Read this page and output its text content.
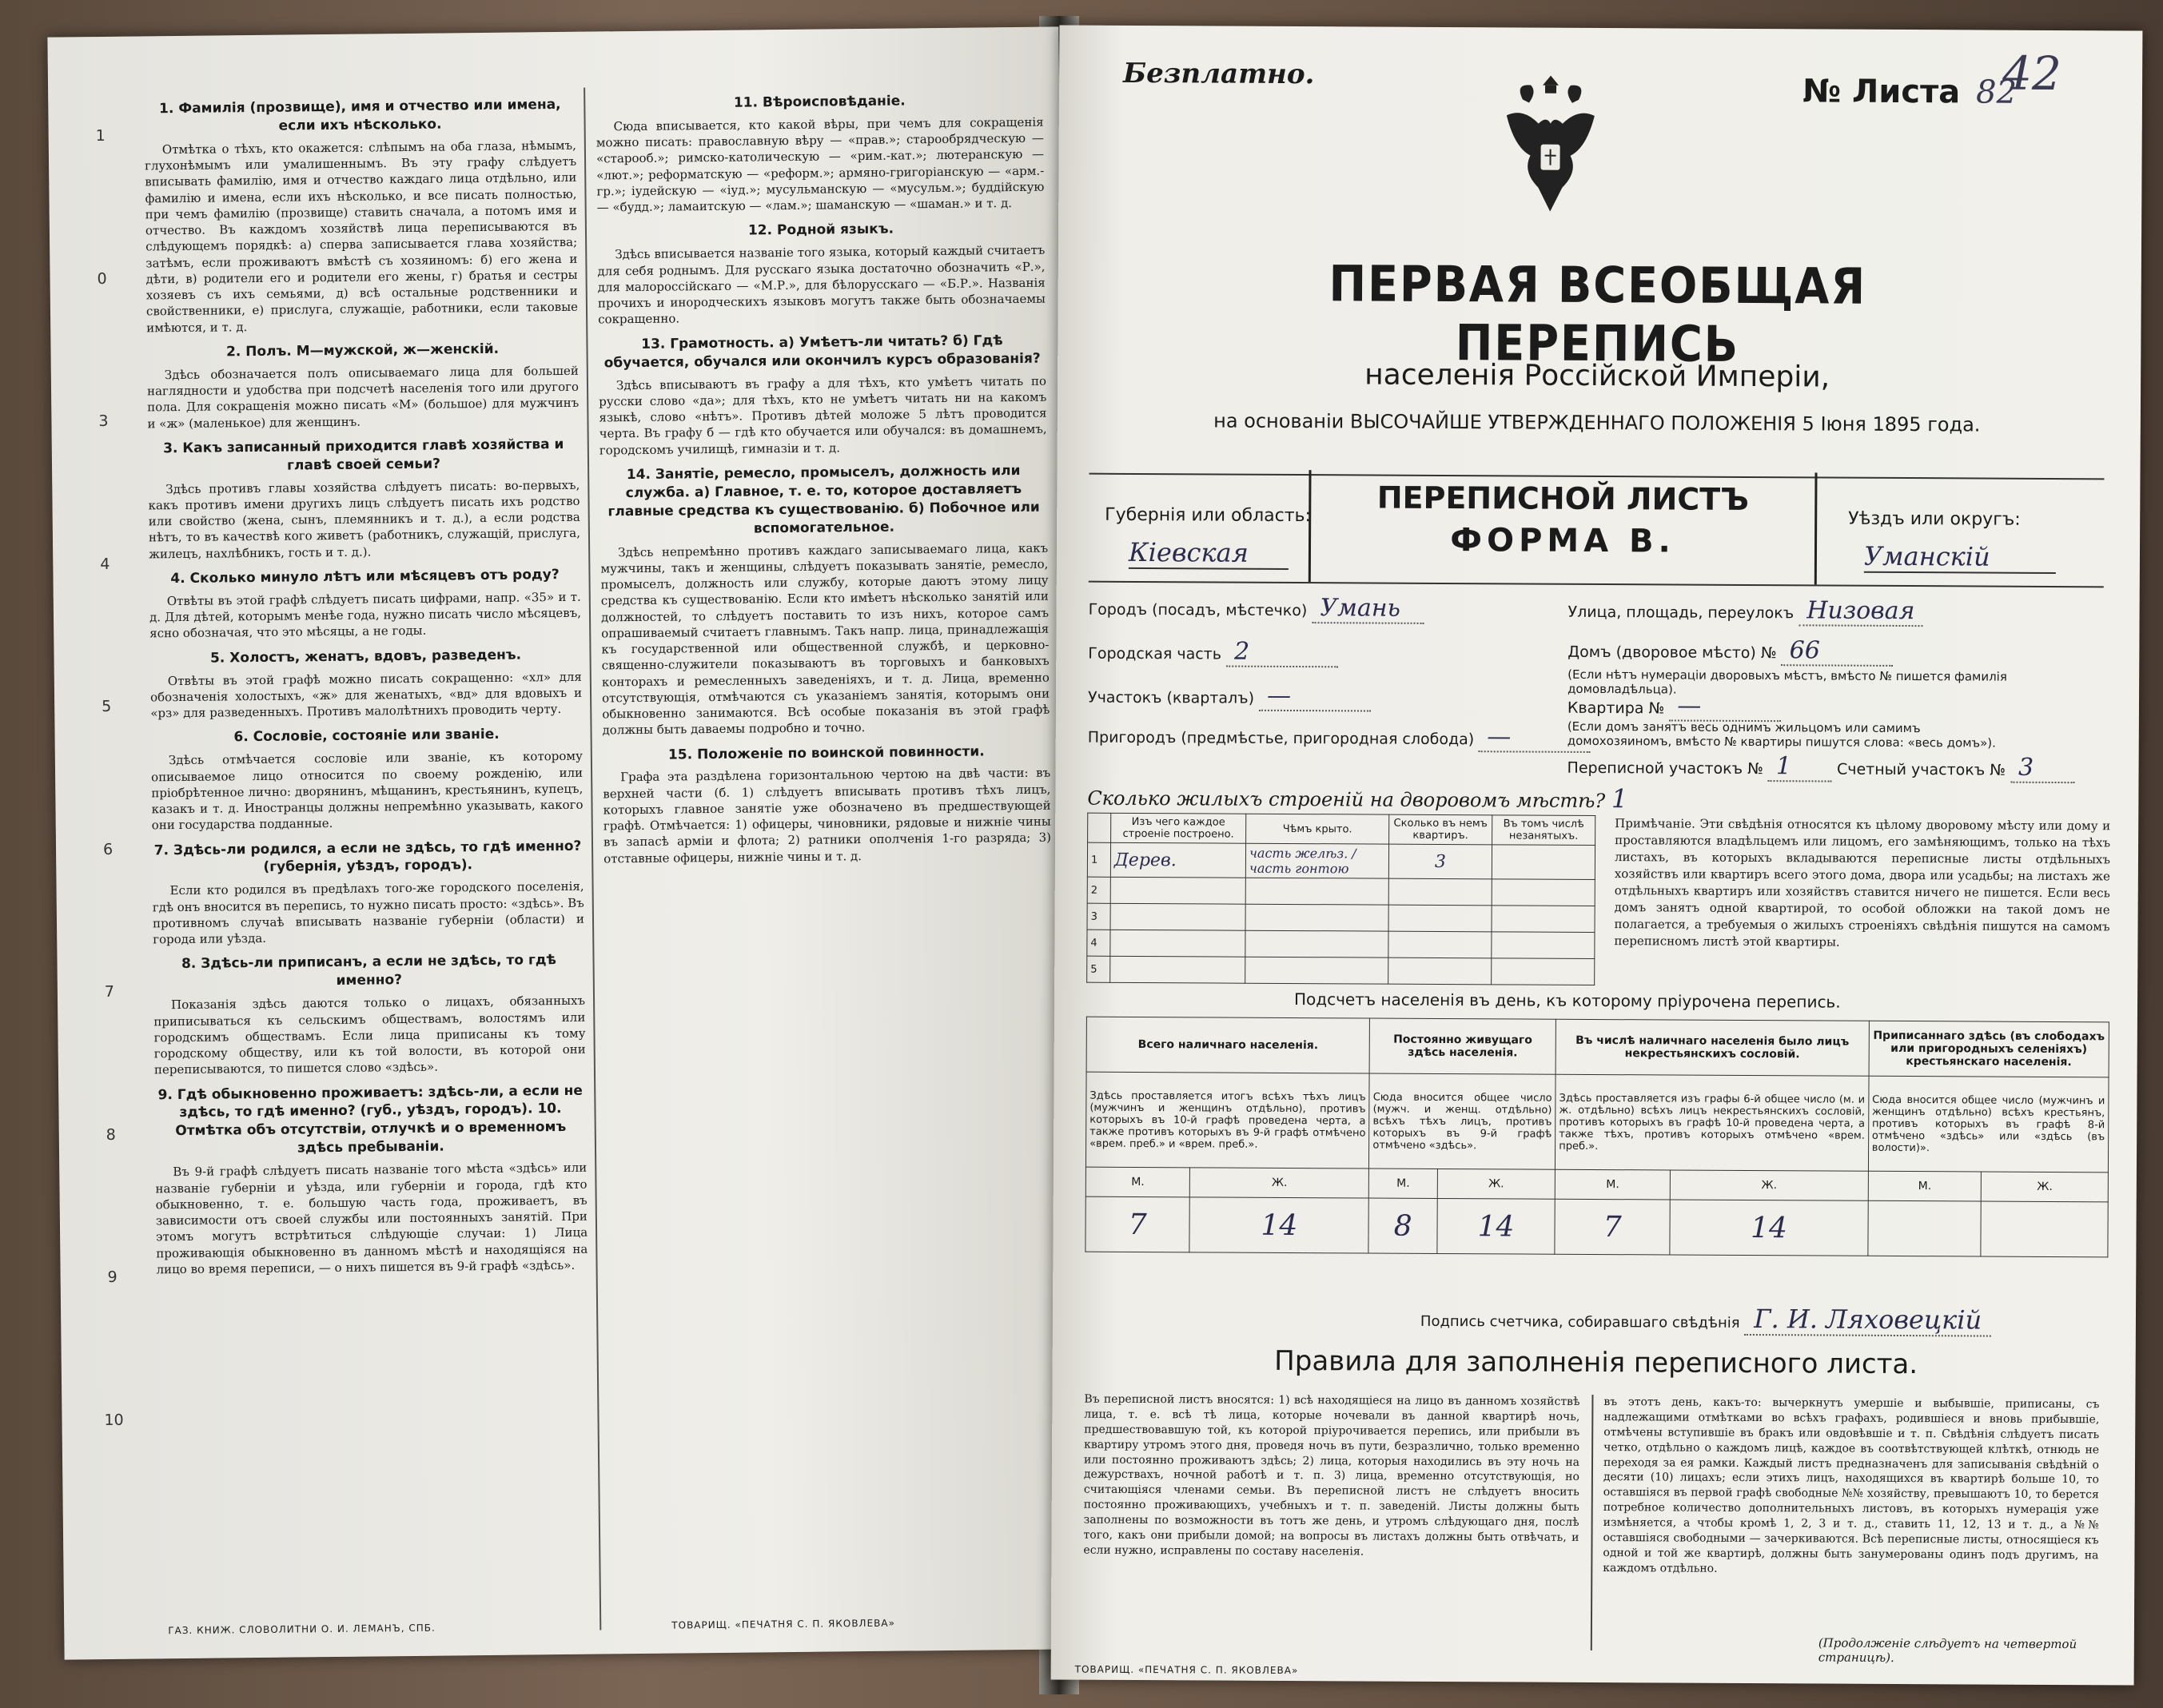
1
0
3
4
5
6
7
8
9
10
1. Фамилія (прозвище), имя и отчество или имена, если ихъ нѣсколько.

Отмѣтка о тѣхъ, кто окажется: слѣпымъ на оба глаза, нѣмымъ, глухонѣмымъ или умалишеннымъ. Въ эту графу слѣдуетъ вписывать фамилію, имя и отчество каждаго лица отдѣльно, или фамилію и имена, если ихъ нѣсколько, и все писать полностью, при чемъ фамилію (прозвище) ставить сначала, а потомъ имя и отчество. Въ каждомъ хозяйствѣ лица переписываются въ слѣдующемъ порядкѣ: а) сперва записывается глава хозяйства; затѣмъ, если проживаютъ вмѣстѣ съ хозяиномъ: б) его жена и дѣти, в) родители его и родители его жены, г) братья и сестры хозяевъ съ ихъ семьями, д) всѣ остальные родственники и свойственники, е) прислуга, служащіе, работники, если таковые имѣются, и т. д.

2. Полъ. М—мужской, ж—женскій.

Здѣсь обозначается полъ описываемаго лица для большей наглядности и удобства при подсчетѣ населенія того или другого пола. Для сокращенія можно писать «М» (большое) для мужчинъ и «ж» (маленькое) для женщинъ.

3. Какъ записанный приходится главѣ хозяйства и главѣ своей семьи?

Здѣсь противъ главы хозяйства слѣдуетъ писать: во-первыхъ, какъ противъ имени другихъ лицъ слѣдуетъ писать ихъ родство или свойство (жена, сынъ, племянникъ и т. д.), а если родства нѣтъ, то въ качествѣ кого живетъ (работникъ, служащій, прислуга, жилецъ, нахлѣбникъ, гость и т. д.).

4. Сколько минуло лѣтъ или мѣсяцевъ отъ роду?

Отвѣты въ этой графѣ слѣдуетъ писать цифрами, напр. «35» и т. д. Для дѣтей, которымъ менѣе года, нужно писать число мѣсяцевъ, ясно обозначая, что это мѣсяцы, а не годы.

5. Холостъ, женатъ, вдовъ, разведенъ.

Отвѣты въ этой графѣ можно писать сокращенно: «хл» для обозначенія холостыхъ, «ж» для женатыхъ, «вд» для вдовыхъ и «рз» для разведенныхъ. Противъ малолѣтнихъ проводить черту.

6. Сословіе, состояніе или званіе.

Здѣсь отмѣчается сословіе или званіе, къ которому описываемое лицо относится по своему рожденію, или пріобрѣтенное лично: дворянинъ, мѣщанинъ, крестьянинъ, купецъ, казакъ и т. д. Иностранцы должны непремѣнно указывать, какого они государства подданные.

7. Здѣсь-ли родился, а если не здѣсь, то гдѣ именно? (губернія, уѣздъ, городъ).

Если кто родился въ предѣлахъ того-же городского поселенія, гдѣ онъ вносится въ перепись, то нужно писать просто: «здѣсь». Въ противномъ случаѣ вписывать названіе губерніи (области) и города или уѣзда.

8. Здѣсь-ли приписанъ, а если не здѣсь, то гдѣ именно?

Показанія здѣсь даются только о лицахъ, обязанныхъ приписываться къ сельскимъ обществамъ, волостямъ или городскимъ обществамъ. Если лица приписаны къ тому городскому обществу, или къ той волости, въ которой они переписываются, то пишется слово «здѣсь».

9. Гдѣ обыкновенно проживаетъ: здѣсь-ли, а если не здѣсь, то гдѣ именно? (губ., уѣздъ, городъ). 10. Отмѣтка объ отсутствіи, отлучкѣ и о временномъ здѣсь пребываніи.

Въ 9-й графѣ слѣдуетъ писать названіе того мѣста «здѣсь» или названіе губерніи и уѣзда, или губерніи и города, гдѣ кто обыкновенно, т. е. большую часть года, проживаетъ, въ зависимости отъ своей службы или постоянныхъ занятій. При этомъ могутъ встрѣтиться слѣдующіе случаи: 1) Лица проживающія обыкновенно въ данномъ мѣстѣ и находящіяся на лицо во время переписи, — о нихъ пишется въ 9-й графѣ «здѣсь».

11. Вѣроисповѣданіе.

Сюда вписывается, кто какой вѣры, при чемъ для сокращенія можно писать: православную вѣру — «прав.»; старообрядческую — «старооб.»; римско-католическую — «рим.-кат.»; лютеранскую — «лют.»; реформатскую — «реформ.»; армяно-григоріанскую — «арм.-гр.»; іудейскую — «іуд.»; мусульманскую — «мусульм.»; буддійскую — «будд.»; ламаитскую — «лам.»; шаманскую — «шаман.» и т. д.

12. Родной языкъ.

Здѣсь вписывается названіе того языка, который каждый считаетъ для себя роднымъ. Для русскаго языка достаточно обозначить «Р.», для малороссійскаго — «М.Р.», для бѣлорусскаго — «Б.Р.». Названія прочихъ и инородческихъ языковъ могутъ также быть обозначаемы сокращенно.

13. Грамотность. а) Умѣетъ-ли читать? б) Гдѣ обучается, обучался или окончилъ курсъ образованія?

Здѣсь вписываютъ въ графу а для тѣхъ, кто умѣетъ читать по русски слово «да»; для тѣхъ, кто не умѣетъ читать ни на какомъ языкѣ, слово «нѣтъ». Противъ дѣтей моложе 5 лѣтъ проводится черта. Въ графу б — гдѣ кто обучается или обучался: въ домашнемъ, городскомъ училищѣ, гимназіи и т. д.

14. Занятіе, ремесло, промыселъ, должность или служба. а) Главное, т. е. то, которое доставляетъ главные средства къ существованію. б) Побочное или вспомогательное.

Здѣсь непремѣнно противъ каждаго записываемаго лица, какъ мужчины, такъ и женщины, слѣдуетъ показывать занятіе, ремесло, промыселъ, должность или службу, которые даютъ этому лицу средства къ существованію. Если кто имѣетъ нѣсколько занятій или должностей, то слѣдуетъ поставить то изъ нихъ, которое самъ опрашиваемый считаетъ главнымъ. Такъ напр. лица, принадлежащія къ государственной или общественной службѣ, и церковно-священно-служители показываютъ въ торговыхъ и банковыхъ конторахъ и ремесленныхъ заведеніяхъ, и т. д. Лица, временно отсутствующія, отмѣчаются съ указаніемъ занятія, которымъ они обыкновенно занимаются. Всѣ особые показанія въ этой графѣ должны быть даваемы подробно и точно.

15. Положеніе по воинской повинности.

Графа эта раздѣлена горизонтальною чертою на двѣ части: въ верхней части (б. 1) слѣдуетъ вписывать противъ тѣхъ лицъ, которыхъ главное занятіе уже обозначено въ предшествующей графѣ. Отмѣчается: 1) офицеры, чиновники, рядовые и нижніе чины въ запасѣ арміи и флота; 2) ратники ополченія 1-го разряда; 3) отставные офицеры, нижніе чины и т. д.

ГАЗ. КНИЖ. СЛОВОЛИТНИ О. И. ЛЕМАНЪ, СПБ.	ТОВАРИЩ. «ПЕЧАТНЯ С. П. ЯКОВЛЕВА»
Безплатно.	№ Листа 82
42
ПЕРВАЯ ВСЕОБЩАЯ ПЕРЕПИСЬ
населенія Россійской Имперіи,
на основаніи ВЫСОЧАЙШЕ УТВЕРЖДЕННАГО ПОЛОЖЕНІЯ 5 Іюня 1895 года.
Губернія или область:
Кіевская
ПЕРЕПИСНОЙ ЛИСТЪ
ФОРМА В.
Уѣздъ или округъ:
Уманскій
Городъ (посадъ, мѣстечко) Умань
Городская часть 2
Участокъ (кварталъ) —
Пригородъ (предмѣстье, пригородная слобода) —
Улица, площадь, переулокъ Низовая
Домъ (дворовое мѣсто) № 66
(Если нѣтъ нумераціи дворовыхъ мѣстъ, вмѣсто № пишется фамилія домовладѣльца).
Квартира № —
(Если домъ занятъ весь однимъ жильцомъ или самимъ домохозяиномъ, вмѣсто № квартиры пишутся слова: «весь домъ»).
Переписной участокъ № 1	Счетный участокъ № 3
Сколько жилыхъ строеній на дворовомъ мѣстѣ? 1
	Изъ чего каждое строеніе построено.	Чѣмъ крыто.	Сколько въ немъ квартиръ.	Въ томъ числѣ незанятыхъ.
1	Дерев.	часть желѣз. / часть гонтою	3	
2				
3				
4				
5				
Примѣчаніе. Эти свѣдѣнія относятся къ цѣлому дворовому мѣсту или дому и проставляются владѣльцемъ или лицомъ, его замѣняющимъ, только на тѣхъ листахъ, въ которыхъ вкладываются переписные листы отдѣльныхъ хозяйствъ или квартиръ всего этого дома, двора или усадьбы; на листахъ же отдѣльныхъ квартиръ или хозяйствъ ставится ничего не пишется. Если весь домъ занятъ одной квартирой, то особой обложки на такой домъ не полагается, а требуемыя о жилыхъ строеніяхъ свѣдѣнія пишутся на самомъ переписномъ листѣ этой квартиры.
Подсчетъ населенія въ день, къ которому пріурочена перепись.
Всего наличнаго населенія.		Постоянно живущаго здѣсь населенія.		Въ числѣ наличнаго населенія было лицъ некрестьянскихъ сословій.		Приписаннаго здѣсь (въ слободахъ или пригородныхъ селеніяхъ) крестьянскаго населенія.	
Здѣсь проставляется итогъ всѣхъ тѣхъ лицъ (мужчинъ и женщинъ отдѣльно), противъ которыхъ въ 10-й графѣ проведена черта, а также противъ которыхъ въ 9-й графѣ отмѣчено «врем. преб.» и «врем. преб.».		Сюда вносится общее число (мужч. и женщ. отдѣльно) всѣхъ тѣхъ лицъ, противъ которыхъ въ 9-й графѣ отмѣчено «здѣсь».		Здѣсь проставляется изъ графы 6-й общее число (м. и ж. отдѣльно) всѣхъ лицъ некрестьянскихъ сословій, противъ которыхъ въ графѣ 10-й проведена черта, а также тѣхъ, противъ которыхъ отмѣчено «врем. преб.».		Сюда вносится общее число (мужчинъ и женщинъ отдѣльно) всѣхъ крестьянъ, противъ которыхъ въ графѣ 8-й отмѣчено «здѣсь» или «здѣсь (въ волости)».	
М.	Ж.	М.	Ж.	М.	Ж.	М.	Ж.
7	14	8	14	7	14		
Подпись счетчика, собиравшаго свѣдѣнія Г. И. Ляховецкій
Правила для заполненія переписного листа.
Въ переписной листъ вносятся: 1) всѣ находящіеся на лицо въ данномъ хозяйствѣ лица, т. е. всѣ тѣ лица, которые ночевали въ данной квартирѣ ночь, предшествовавшую той, къ которой пріурочивается перепись, или прибыли въ квартиру утромъ этого дня, проведя ночь въ пути, безразлично, только временно или постоянно проживаютъ здѣсь; 2) лица, которыя находились въ эту ночь на дежурствахъ, ночной работѣ и т. п. 3) лица, временно отсутствующія, но считающіяся членами семьи. Въ переписной листъ не слѣдуетъ вносить постоянно проживающихъ, учебныхъ и т. п. заведеній. Листы должны быть заполнены по возможности въ тотъ же день, и утромъ слѣдующаго дня, послѣ того, какъ они прибыли домой; на вопросы въ листахъ должны быть отвѣчать, и если нужно, исправлены по составу населенія.
въ этотъ день, какъ-то: вычеркнутъ умершіе и выбывшіе, приписаны, съ надлежащими отмѣтками во всѣхъ графахъ, родившіеся и вновь прибывшіе, отмѣчены вступившіе въ бракъ или овдовѣвшіе и т. п. Свѣдѣнія слѣдуетъ писать четко, отдѣльно о каждомъ лицѣ, каждое въ соотвѣтствующей клѣткѣ, отнюдь не переходя за ея рамки. Каждый листъ предназначенъ для записыванія свѣдѣній о десяти (10) лицахъ; если этихъ лицъ, находящихся въ квартирѣ больше 10, то оставшіяся въ первой графѣ свободные №№ хозяйству, превышаютъ 10, то берется потребное количество дополнительныхъ листовъ, въ которыхъ нумерація уже измѣняется, а чтобы кромѣ 1, 2, 3 и т. д., ставить 11, 12, 13 и т. д., а №№ оставшіяся свободными — зачеркиваются. Всѣ переписные листы, относящіеся къ одной и той же квартирѣ, должны быть занумерованы одинъ подъ другимъ, на каждомъ отдѣльно.
(Продолженіе слѣдуетъ на четвертой страницѣ).
ТОВАРИЩ. «ПЕЧАТНЯ С. П. ЯКОВЛЕВА»
